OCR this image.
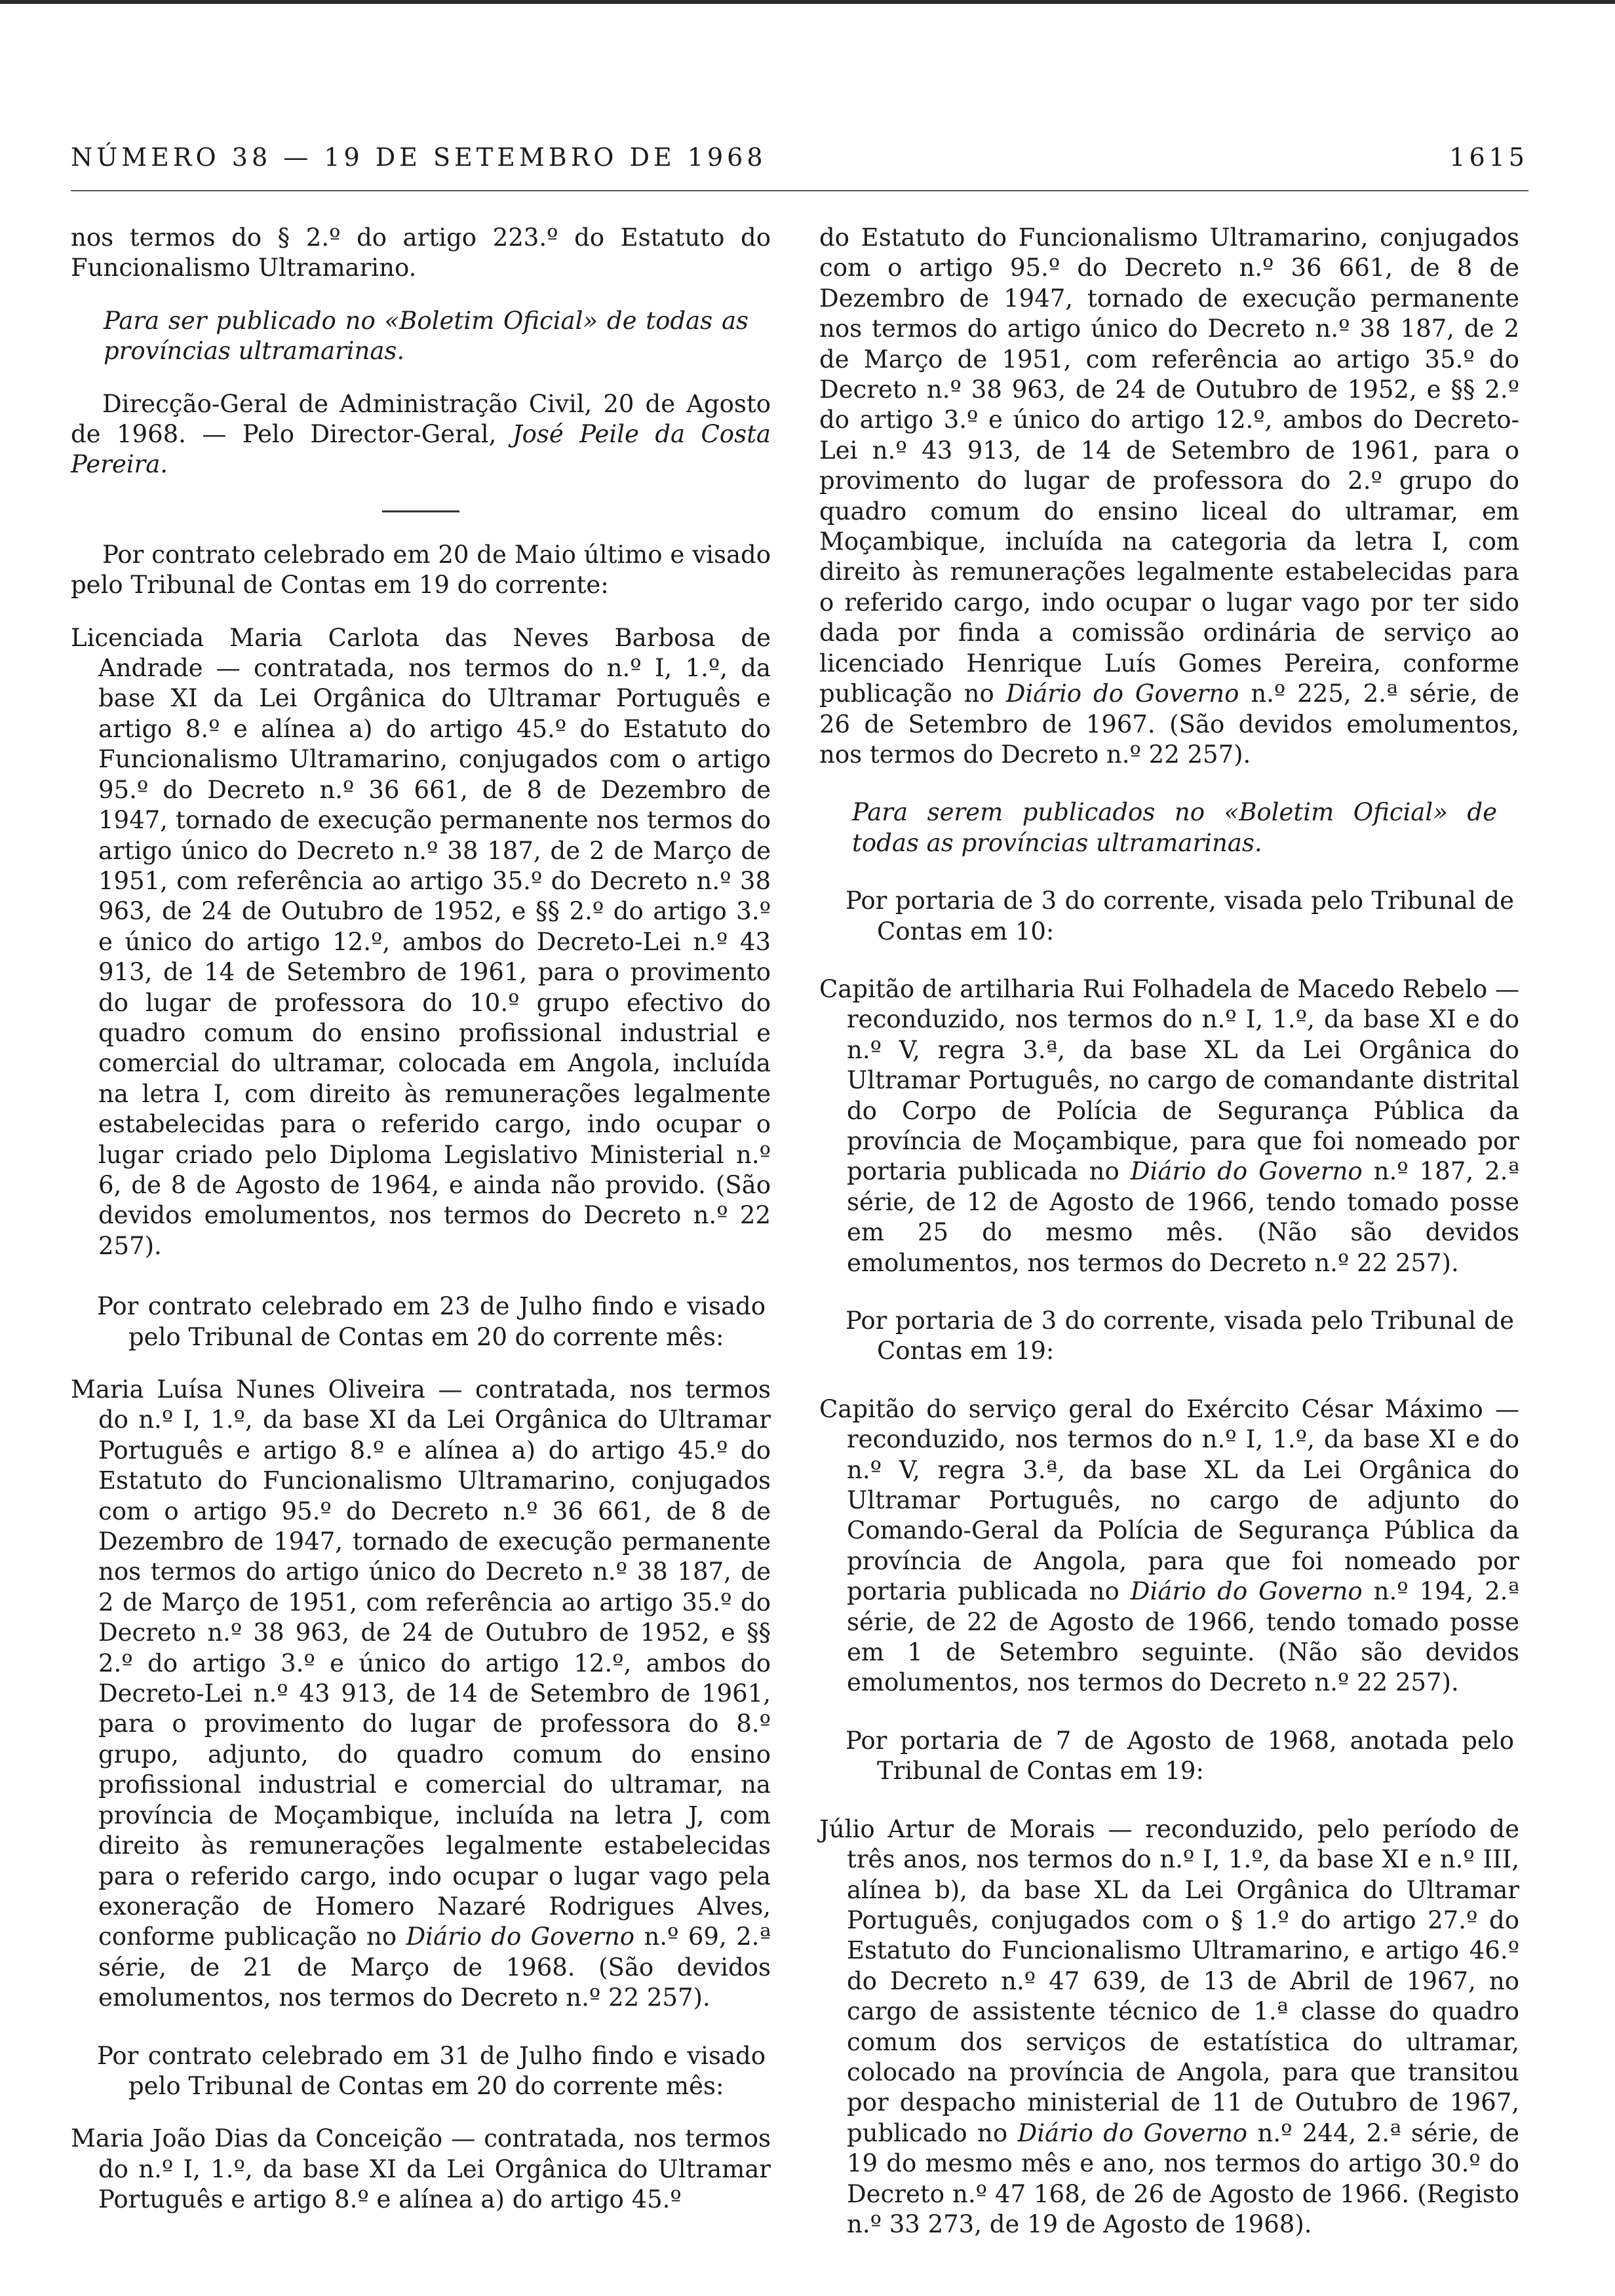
NÚMERO 38 — 19 DE SETEMBRO DE 1968	1615

nos termos do § 2.º do artigo 223.º do Estatuto do Funcionalismo Ultramarino.

Para ser publicado no «Boletim Oficial» de todas as províncias ultramarinas.

Direcção-Geral de Administração Civil, 20 de Agosto de 1968. — Pelo Director-Geral, José Peile da Costa Pereira.

Por contrato celebrado em 20 de Maio último e visado pelo Tribunal de Contas em 19 do corrente:

Licenciada Maria Carlota das Neves Barbosa de Andrade — contratada, nos termos do n.º I, 1.º, da base XI da Lei Orgânica do Ultramar Português e artigo 8.º e alínea a) do artigo 45.º do Estatuto do Funcionalismo Ultramarino, conjugados com o artigo 95.º do Decreto n.º 36 661, de 8 de Dezembro de 1947, tornado de execução permanente nos termos do artigo único do Decreto n.º 38 187, de 2 de Março de 1951, com referência ao artigo 35.º do Decreto n.º 38 963, de 24 de Outubro de 1952, e §§ 2.º do artigo 3.º e único do artigo 12.º, ambos do Decreto-Lei n.º 43 913, de 14 de Setembro de 1961, para o provimento do lugar de professora do 10.º grupo efectivo do quadro comum do ensino profissional industrial e comercial do ultramar, colocada em Angola, incluída na letra I, com direito às remunerações legalmente estabelecidas para o referido cargo, indo ocupar o lugar criado pelo Diploma Legislativo Ministerial n.º 6, de 8 de Agosto de 1964, e ainda não provido. (São devidos emolumentos, nos termos do Decreto n.º 22 257).

Por contrato celebrado em 23 de Julho findo e visado pelo Tribunal de Contas em 20 do corrente mês:

Maria Luísa Nunes Oliveira — contratada, nos termos do n.º I, 1.º, da base XI da Lei Orgânica do Ultramar Português e artigo 8.º e alínea a) do artigo 45.º do Estatuto do Funcionalismo Ultramarino, conjugados com o artigo 95.º do Decreto n.º 36 661, de 8 de Dezembro de 1947, tornado de execução permanente nos termos do artigo único do Decreto n.º 38 187, de 2 de Março de 1951, com referência ao artigo 35.º do Decreto n.º 38 963, de 24 de Outubro de 1952, e §§ 2.º do artigo 3.º e único do artigo 12.º, ambos do Decreto-Lei n.º 43 913, de 14 de Setembro de 1961, para o provimento do lugar de professora do 8.º grupo, adjunto, do quadro comum do ensino profissional industrial e comercial do ultramar, na província de Moçambique, incluída na letra J, com direito às remunerações legalmente estabelecidas para o referido cargo, indo ocupar o lugar vago pela exoneração de Homero Nazaré Rodrigues Alves, conforme publicação no Diário do Governo n.º 69, 2.ª série, de 21 de Março de 1968. (São devidos emolumentos, nos termos do Decreto n.º 22 257).

Por contrato celebrado em 31 de Julho findo e visado pelo Tribunal de Contas em 20 do corrente mês:

Maria João Dias da Conceição — contratada, nos termos do n.º I, 1.º, da base XI da Lei Orgânica do Ultramar Português e artigo 8.º e alínea a) do artigo 45.º

do Estatuto do Funcionalismo Ultramarino, conjugados com o artigo 95.º do Decreto n.º 36 661, de 8 de Dezembro de 1947, tornado de execução permanente nos termos do artigo único do Decreto n.º 38 187, de 2 de Março de 1951, com referência ao artigo 35.º do Decreto n.º 38 963, de 24 de Outubro de 1952, e §§ 2.º do artigo 3.º e único do artigo 12.º, ambos do Decreto-Lei n.º 43 913, de 14 de Setembro de 1961, para o provimento do lugar de professora do 2.º grupo do quadro comum do ensino liceal do ultramar, em Moçambique, incluída na categoria da letra I, com direito às remunerações legalmente estabelecidas para o referido cargo, indo ocupar o lugar vago por ter sido dada por finda a comissão ordinária de serviço ao licenciado Henrique Luís Gomes Pereira, conforme publicação no Diário do Governo n.º 225, 2.ª série, de 26 de Setembro de 1967. (São devidos emolumentos, nos termos do Decreto n.º 22 257).

Para serem publicados no «Boletim Oficial» de todas as províncias ultramarinas.

Por portaria de 3 do corrente, visada pelo Tribunal de Contas em 10:

Capitão de artilharia Rui Folhadela de Macedo Rebelo — reconduzido, nos termos do n.º I, 1.º, da base XI e do n.º V, regra 3.ª, da base XL da Lei Orgânica do Ultramar Português, no cargo de comandante distrital do Corpo de Polícia de Segurança Pública da província de Moçambique, para que foi nomeado por portaria publicada no Diário do Governo n.º 187, 2.ª série, de 12 de Agosto de 1966, tendo tomado posse em 25 do mesmo mês. (Não são devidos emolumentos, nos termos do Decreto n.º 22 257).

Por portaria de 3 do corrente, visada pelo Tribunal de Contas em 19:

Capitão do serviço geral do Exército César Máximo — reconduzido, nos termos do n.º I, 1.º, da base XI e do n.º V, regra 3.ª, da base XL da Lei Orgânica do Ultramar Português, no cargo de adjunto do Comando-Geral da Polícia de Segurança Pública da província de Angola, para que foi nomeado por portaria publicada no Diário do Governo n.º 194, 2.ª série, de 22 de Agosto de 1966, tendo tomado posse em 1 de Setembro seguinte. (Não são devidos emolumentos, nos termos do Decreto n.º 22 257).

Por portaria de 7 de Agosto de 1968, anotada pelo Tribunal de Contas em 19:

Júlio Artur de Morais — reconduzido, pelo período de três anos, nos termos do n.º I, 1.º, da base XI e n.º III, alínea b), da base XL da Lei Orgânica do Ultramar Português, conjugados com o § 1.º do artigo 27.º do Estatuto do Funcionalismo Ultramarino, e artigo 46.º do Decreto n.º 47 639, de 13 de Abril de 1967, no cargo de assistente técnico de 1.ª classe do quadro comum dos serviços de estatística do ultramar, colocado na província de Angola, para que transitou por despacho ministerial de 11 de Outubro de 1967, publicado no Diário do Governo n.º 244, 2.ª série, de 19 do mesmo mês e ano, nos termos do artigo 30.º do Decreto n.º 47 168, de 26 de Agosto de 1966. (Registo n.º 33 273, de 19 de Agosto de 1968).
